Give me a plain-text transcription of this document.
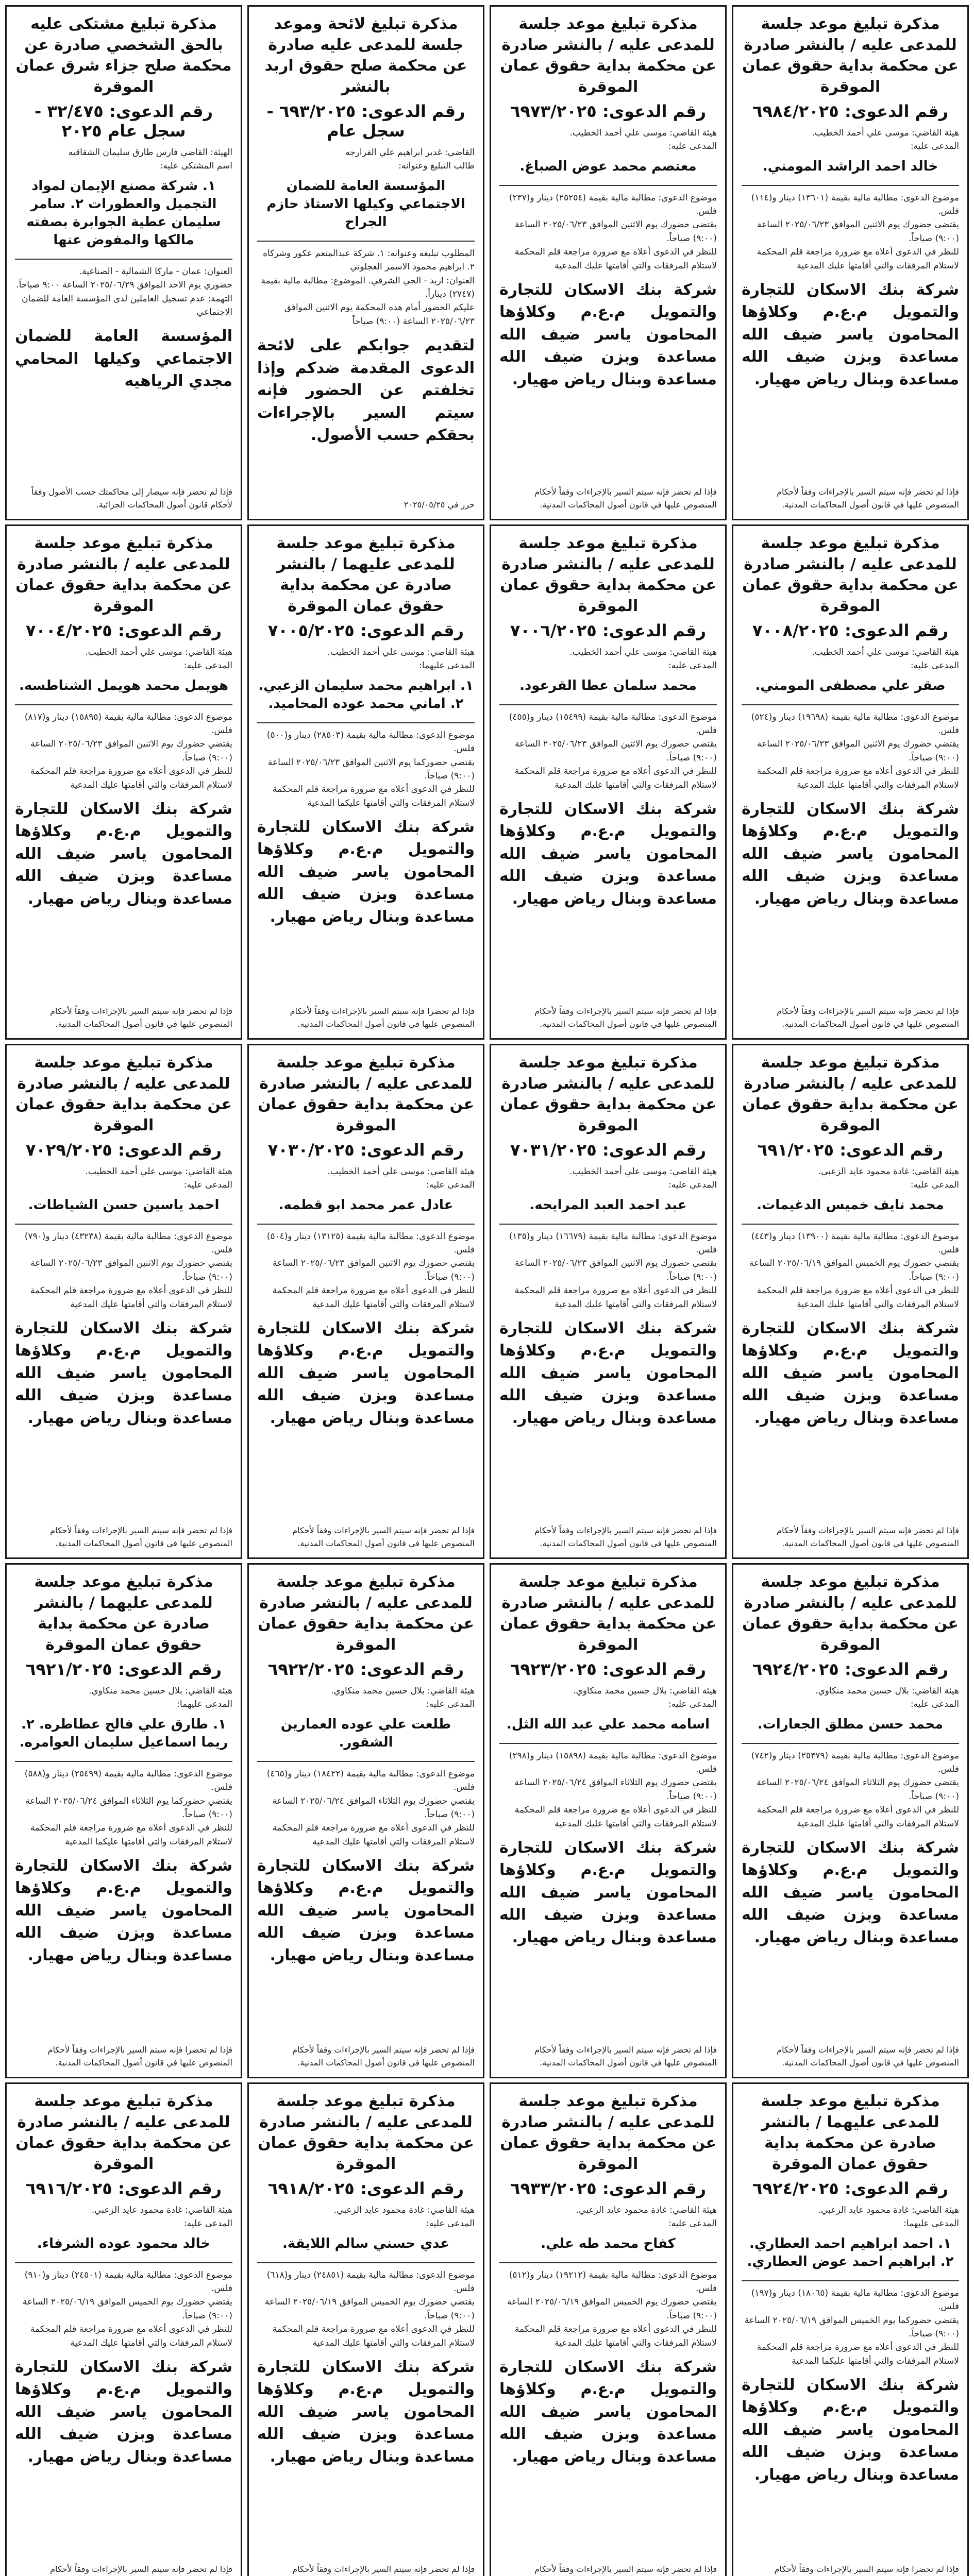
مذكرة تبليغ موعد جلسة للمدعى عليه / بالنشر صادرة عن محكمة بداية حقوق عمان الموقرة
رقم الدعوى: ٦٩٨٤/٢٠٢٥
هيئة القاضي: موسى علي أحمد الخطيب.
المدعى عليه:
خالد احمد الراشد المومني.
موضوع الدعوى: مطالبة مالية بقيمة (١٣٦٠١) دينار و(١١٤) فلس.
يقتضي حضورك يوم الاثنين الموافق ٢٠٢٥/٠٦/٢٣ الساعة (٩:٠٠) صباحاً.
للنظر في الدعوى أعلاه مع ضرورة مراجعة قلم المحكمة لاستلام المرفقات والتي أقامتها عليك المدعية
شركة بنك الاسكان للتجارة والتمويل م.ع.م وكلاؤها المحامون ياسر ضيف الله مساعدة وبزن ضيف الله مساعدة وبنال رياض مهيار.
فإذا لم تحضر فإنه سيتم السير بالإجراءات وفقاً لأحكام المنصوص عليها في قانون أصول المحاكمات المدنية.
مذكرة تبليغ موعد جلسة للمدعى عليه / بالنشر صادرة عن محكمة بداية حقوق عمان الموقرة
رقم الدعوى: ٦٩٧٣/٢٠٢٥
هيئة القاضي: موسى علي أحمد الخطيب.
المدعى عليه:
معتصم محمد عوض الصباغ.
موضوع الدعوى: مطالبة مالية بقيمة (٢٥٢٥٤) دينار و(٢٣٧) فلس.
يقتضي حضورك يوم الاثنين الموافق ٢٠٢٥/٠٦/٢٣ الساعة (٩:٠٠) صباحاً.
للنظر في الدعوى أعلاه مع ضرورة مراجعة قلم المحكمة لاستلام المرفقات والتي أقامتها عليك المدعية
شركة بنك الاسكان للتجارة والتمويل م.ع.م وكلاؤها المحامون ياسر ضيف الله مساعدة وبزن ضيف الله مساعدة وبنال رياض مهيار.
فإذا لم تحضر فإنه سيتم السير بالإجراءات وفقاً لأحكام المنصوص عليها في قانون أصول المحاكمات المدنية.
مذكرة تبليغ لائحة وموعد جلسة للمدعى عليه صادرة عن محكمة صلح حقوق اربد بالنشر
رقم الدعوى: ٦٩٣/٢٠٢٥ - سجل عام
القاضي: غدير ابراهيم علي الفرارجه
طالب التبليغ وعنوانه:
المؤسسة العامة للضمان الاجتماعي وكيلها الاستاذ حازم الجراح
المطلوب تبليغه وعنوانه: ١. شركة عبدالمنعم عكور وشركاه ٢. ابراهيم محمود الاسمر العجلوني
العنوان: اربد - الحي الشرقي. الموضوع: مطالبة مالية بقيمة (٢٧٤٧) ديناراً.
عليكم الحضور أمام هذه المحكمة يوم الاثنين الموافق ٢٠٢٥/٠٦/٢٣ الساعة (٩:٠٠) صباحاً
لتقديم جوابكم على لائحة الدعوى المقدمة ضدكم وإذا تخلفتم عن الحضور فإنه سيتم السير بالإجراءات بحقكم حسب الأصول.
حرر في ٢٠٢٥/٠٥/٢٥
مذكرة تبليغ مشتكى عليه بالحق الشخصي صادرة عن محكمة صلح جزاء شرق عمان الموقرة
رقم الدعوى: ٣٢/٤٧٥ - سجل عام ٢٠٢٥
الهيئة: القاضي فارس طارق سليمان الشقاقيه
اسم المشتكى عليه:
١. شركة مصنع الإيمان لمواد التجميل والعطورات ٢. سامر سليمان عطية الجوابرة بصفته مالكها والمفوض عنها
العنوان: عمان - ماركا الشمالية - الصناعية.
حضوري يوم الاحد الموافق ٢٠٢٥/٠٦/٢٩ الساعة ٩:٠٠ صباحاً.
التهمة: عدم تسجيل العاملين لدى المؤسسة العامة للضمان الاجتماعي
المؤسسة العامة للضمان الاجتماعي وكيلها المحامي مجدي الرياهيه
فإذا لم تحضر فإنه سيصار إلى محاكمتك حسب الأصول وفقاً لأحكام قانون أصول المحاكمات الجزائية.
مذكرة تبليغ موعد جلسة للمدعى عليه / بالنشر صادرة عن محكمة بداية حقوق عمان الموقرة
رقم الدعوى: ٧٠٠٨/٢٠٢٥
هيئة القاضي: موسى علي أحمد الخطيب.
المدعى عليه:
صقر علي مصطفى المومني.
موضوع الدعوى: مطالبة مالية بقيمة (١٩٦٩٨) دينار و(٥٢٤) فلس.
يقتضي حضورك يوم الاثنين الموافق ٢٠٢٥/٠٦/٢٣ الساعة (٩:٠٠) صباحاً.
للنظر في الدعوى أعلاه مع ضرورة مراجعة قلم المحكمة لاستلام المرفقات والتي أقامتها عليك المدعية
شركة بنك الاسكان للتجارة والتمويل م.ع.م وكلاؤها المحامون ياسر ضيف الله مساعدة وبزن ضيف الله مساعدة وبنال رياض مهيار.
فإذا لم تحضر فإنه سيتم السير بالإجراءات وفقاً لأحكام المنصوص عليها في قانون أصول المحاكمات المدنية.
مذكرة تبليغ موعد جلسة للمدعى عليه / بالنشر صادرة عن محكمة بداية حقوق عمان الموقرة
رقم الدعوى: ٧٠٠٦/٢٠٢٥
هيئة القاضي: موسى علي أحمد الخطيب.
المدعى عليه:
محمد سلمان عطا القرعود.
موضوع الدعوى: مطالبة مالية بقيمة (١٥٤٩٩) دينار و(٤٥٥) فلس.
يقتضي حضورك يوم الاثنين الموافق ٢٠٢٥/٠٦/٢٣ الساعة (٩:٠٠) صباحاً.
للنظر في الدعوى أعلاه مع ضرورة مراجعة قلم المحكمة لاستلام المرفقات والتي أقامتها عليك المدعية
شركة بنك الاسكان للتجارة والتمويل م.ع.م وكلاؤها المحامون ياسر ضيف الله مساعدة وبزن ضيف الله مساعدة وبنال رياض مهيار.
فإذا لم تحضر فإنه سيتم السير بالإجراءات وفقاً لأحكام المنصوص عليها في قانون أصول المحاكمات المدنية.
مذكرة تبليغ موعد جلسة للمدعى عليهما / بالنشر صادرة عن محكمة بداية حقوق عمان الموقرة
رقم الدعوى: ٧٠٠٥/٢٠٢٥
هيئة القاضي: موسى علي أحمد الخطيب.
المدعى عليهما:
١. ابراهيم محمد سليمان الزعبي. ٢. اماني محمد عوده المحاميد.
موضوع الدعوى: مطالبة مالية بقيمة (٢٨٥٠٣) دينار و(٥٠٠) فلس.
يقتضي حضوركما يوم الاثنين الموافق ٢٠٢٥/٠٦/٢٣ الساعة (٩:٠٠) صباحاً.
للنظر في الدعوى أعلاه مع ضرورة مراجعة قلم المحكمة لاستلام المرفقات والتي أقامتها عليكما المدعية
شركة بنك الاسكان للتجارة والتمويل م.ع.م وكلاؤها المحامون ياسر ضيف الله مساعدة وبزن ضيف الله مساعدة وبنال رياض مهيار.
فإذا لم تحضرا فإنه سيتم السير بالإجراءات وفقاً لأحكام المنصوص عليها في قانون أصول المحاكمات المدنية.
مذكرة تبليغ موعد جلسة للمدعى عليه / بالنشر صادرة عن محكمة بداية حقوق عمان الموقرة
رقم الدعوى: ٧٠٠٤/٢٠٢٥
هيئة القاضي: موسى علي أحمد الخطيب.
المدعى عليه:
هويمل محمد هويمل الشناطسه.
موضوع الدعوى: مطالبة مالية بقيمة (١٥٨٩٥) دينار و(٨١٧) فلس.
يقتضي حضورك يوم الاثنين الموافق ٢٠٢٥/٠٦/٢٣ الساعة (٩:٠٠) صباحاً.
للنظر في الدعوى أعلاه مع ضرورة مراجعة قلم المحكمة لاستلام المرفقات والتي أقامتها عليك المدعية
شركة بنك الاسكان للتجارة والتمويل م.ع.م وكلاؤها المحامون ياسر ضيف الله مساعدة وبزن ضيف الله مساعدة وبنال رياض مهيار.
فإذا لم تحضر فإنه سيتم السير بالإجراءات وفقاً لأحكام المنصوص عليها في قانون أصول المحاكمات المدنية.
مذكرة تبليغ موعد جلسة للمدعى عليه / بالنشر صادرة عن محكمة بداية حقوق عمان الموقرة
رقم الدعوى: ٦٩١/٢٠٢٥
هيئة القاضي: غادة محمود عايد الزعبي.
المدعى عليه:
محمد نايف خميس الدغيمات.
موضوع الدعوى: مطالبة مالية بقيمة (١٣٩٠٠) دينار و(٤٤٣) فلس.
يقتضي حضورك يوم الخميس الموافق ٢٠٢٥/٠٦/١٩ الساعة (٩:٠٠) صباحاً.
للنظر في الدعوى أعلاه مع ضرورة مراجعة قلم المحكمة لاستلام المرفقات والتي أقامتها عليك المدعية
شركة بنك الاسكان للتجارة والتمويل م.ع.م وكلاؤها المحامون ياسر ضيف الله مساعدة وبزن ضيف الله مساعدة وبنال رياض مهيار.
فإذا لم تحضر فإنه سيتم السير بالإجراءات وفقاً لأحكام المنصوص عليها في قانون أصول المحاكمات المدنية.
مذكرة تبليغ موعد جلسة للمدعى عليه / بالنشر صادرة عن محكمة بداية حقوق عمان الموقرة
رقم الدعوى: ٧٠٣١/٢٠٢٥
هيئة القاضي: موسى علي أحمد الخطيب.
المدعى عليه:
عبد احمد العبد المرايحه.
موضوع الدعوى: مطالبة مالية بقيمة (١٦٦٧٩) دينار و(١٣٥) فلس.
يقتضي حضورك يوم الاثنين الموافق ٢٠٢٥/٠٦/٢٣ الساعة (٩:٠٠) صباحاً.
للنظر في الدعوى أعلاه مع ضرورة مراجعة قلم المحكمة لاستلام المرفقات والتي أقامتها عليك المدعية
شركة بنك الاسكان للتجارة والتمويل م.ع.م وكلاؤها المحامون ياسر ضيف الله مساعدة وبزن ضيف الله مساعدة وبنال رياض مهيار.
فإذا لم تحضر فإنه سيتم السير بالإجراءات وفقاً لأحكام المنصوص عليها في قانون أصول المحاكمات المدنية.
مذكرة تبليغ موعد جلسة للمدعى عليه / بالنشر صادرة عن محكمة بداية حقوق عمان الموقرة
رقم الدعوى: ٧٠٣٠/٢٠٢٥
هيئة القاضي: موسى علي أحمد الخطيب.
المدعى عليه:
عادل عمر محمد ابو قطمه.
موضوع الدعوى: مطالبة مالية بقيمة (١٣١٢٥) دينار و(٥٠٤) فلس.
يقتضي حضورك يوم الاثنين الموافق ٢٠٢٥/٠٦/٢٣ الساعة (٩:٠٠) صباحاً.
للنظر في الدعوى أعلاه مع ضرورة مراجعة قلم المحكمة لاستلام المرفقات والتي أقامتها عليك المدعية
شركة بنك الاسكان للتجارة والتمويل م.ع.م وكلاؤها المحامون ياسر ضيف الله مساعدة وبزن ضيف الله مساعدة وبنال رياض مهيار.
فإذا لم تحضر فإنه سيتم السير بالإجراءات وفقاً لأحكام المنصوص عليها في قانون أصول المحاكمات المدنية.
مذكرة تبليغ موعد جلسة للمدعى عليه / بالنشر صادرة عن محكمة بداية حقوق عمان الموقرة
رقم الدعوى: ٧٠٢٩/٢٠٢٥
هيئة القاضي: موسى علي أحمد الخطيب.
المدعى عليه:
احمد ياسين حسن الشياطات.
موضوع الدعوى: مطالبة مالية بقيمة (٤٣٢٣٨) دينار و(٧٩٠) فلس.
يقتضي حضورك يوم الاثنين الموافق ٢٠٢٥/٠٦/٢٣ الساعة (٩:٠٠) صباحاً.
للنظر في الدعوى أعلاه مع ضرورة مراجعة قلم المحكمة لاستلام المرفقات والتي أقامتها عليك المدعية
شركة بنك الاسكان للتجارة والتمويل م.ع.م وكلاؤها المحامون ياسر ضيف الله مساعدة وبزن ضيف الله مساعدة وبنال رياض مهيار.
فإذا لم تحضر فإنه سيتم السير بالإجراءات وفقاً لأحكام المنصوص عليها في قانون أصول المحاكمات المدنية.
مذكرة تبليغ موعد جلسة للمدعى عليه / بالنشر صادرة عن محكمة بداية حقوق عمان الموقرة
رقم الدعوى: ٦٩٢٤/٢٠٢٥
هيئة القاضي: بلال حسين محمد منكاوي.
المدعى عليه:
محمد حسن مطلق الجعارات.
موضوع الدعوى: مطالبة مالية بقيمة (٢٥٣٧٩) دينار و(٧٤٢) فلس.
يقتضي حضورك يوم الثلاثاء الموافق ٢٠٢٥/٠٦/٢٤ الساعة (٩:٠٠) صباحاً.
للنظر في الدعوى أعلاه مع ضرورة مراجعة قلم المحكمة لاستلام المرفقات والتي أقامتها عليك المدعية
شركة بنك الاسكان للتجارة والتمويل م.ع.م وكلاؤها المحامون ياسر ضيف الله مساعدة وبزن ضيف الله مساعدة وبنال رياض مهيار.
فإذا لم تحضر فإنه سيتم السير بالإجراءات وفقاً لأحكام المنصوص عليها في قانون أصول المحاكمات المدنية.
مذكرة تبليغ موعد جلسة للمدعى عليه / بالنشر صادرة عن محكمة بداية حقوق عمان الموقرة
رقم الدعوى: ٦٩٢٣/٢٠٢٥
هيئة القاضي: بلال حسين محمد منكاوي.
المدعى عليه:
اسامه محمد علي عبد الله الثل.
موضوع الدعوى: مطالبة مالية بقيمة (١٥٨٩٨) دينار و(٢٩٨) فلس.
يقتضي حضورك يوم الثلاثاء الموافق ٢٠٢٥/٠٦/٢٤ الساعة (٩:٠٠) صباحاً.
للنظر في الدعوى أعلاه مع ضرورة مراجعة قلم المحكمة لاستلام المرفقات والتي أقامتها عليك المدعية
شركة بنك الاسكان للتجارة والتمويل م.ع.م وكلاؤها المحامون ياسر ضيف الله مساعدة وبزن ضيف الله مساعدة وبنال رياض مهيار.
فإذا لم تحضر فإنه سيتم السير بالإجراءات وفقاً لأحكام المنصوص عليها في قانون أصول المحاكمات المدنية.
مذكرة تبليغ موعد جلسة للمدعى عليه / بالنشر صادرة عن محكمة بداية حقوق عمان الموقرة
رقم الدعوى: ٦٩٢٢/٢٠٢٥
هيئة القاضي: بلال حسين محمد منكاوي.
المدعى عليه:
طلعت علي عوده العمارين الشقور.
موضوع الدعوى: مطالبة مالية بقيمة (١٨٤٢٢) دينار و(٤٦٥) فلس.
يقتضي حضورك يوم الثلاثاء الموافق ٢٠٢٥/٠٦/٢٤ الساعة (٩:٠٠) صباحاً.
للنظر في الدعوى أعلاه مع ضرورة مراجعة قلم المحكمة لاستلام المرفقات والتي أقامتها عليك المدعية
شركة بنك الاسكان للتجارة والتمويل م.ع.م وكلاؤها المحامون ياسر ضيف الله مساعدة وبزن ضيف الله مساعدة وبنال رياض مهيار.
فإذا لم تحضر فإنه سيتم السير بالإجراءات وفقاً لأحكام المنصوص عليها في قانون أصول المحاكمات المدنية.
مذكرة تبليغ موعد جلسة للمدعى عليهما / بالنشر صادرة عن محكمة بداية حقوق عمان الموقرة
رقم الدعوى: ٦٩٢١/٢٠٢٥
هيئة القاضي: بلال حسين محمد منكاوي.
المدعى عليهما:
١. طارق علي فالح عطاطره. ٢. ريما اسماعيل سليمان العوامره.
موضوع الدعوى: مطالبة مالية بقيمة (٢٥٤٩٩) دينار و(٥٨٨) فلس.
يقتضي حضوركما يوم الثلاثاء الموافق ٢٠٢٥/٠٦/٢٤ الساعة (٩:٠٠) صباحاً.
للنظر في الدعوى أعلاه مع ضرورة مراجعة قلم المحكمة لاستلام المرفقات والتي أقامتها عليكما المدعية
شركة بنك الاسكان للتجارة والتمويل م.ع.م وكلاؤها المحامون ياسر ضيف الله مساعدة وبزن ضيف الله مساعدة وبنال رياض مهيار.
فإذا لم تحضرا فإنه سيتم السير بالإجراءات وفقاً لأحكام المنصوص عليها في قانون أصول المحاكمات المدنية.
مذكرة تبليغ موعد جلسة للمدعى عليهما / بالنشر صادرة عن محكمة بداية حقوق عمان الموقرة
رقم الدعوى: ٦٩٢٤/٢٠٢٥
هيئة القاضي: غادة محمود عايد الزعبي.
المدعى عليهما:
١. احمد ابراهيم احمد العطاري. ٢. ابراهيم احمد عوض العطاري.
موضوع الدعوى: مطالبة مالية بقيمة (١٨٠٦٥) دينار و(١٩٧) فلس.
يقتضي حضوركما يوم الخميس الموافق ٢٠٢٥/٠٦/١٩ الساعة (٩:٠٠) صباحاً.
للنظر في الدعوى أعلاه مع ضرورة مراجعة قلم المحكمة لاستلام المرفقات والتي أقامتها عليكما المدعية
شركة بنك الاسكان للتجارة والتمويل م.ع.م وكلاؤها المحامون ياسر ضيف الله مساعدة وبزن ضيف الله مساعدة وبنال رياض مهيار.
فإذا لم تحضرا فإنه سيتم السير بالإجراءات وفقاً لأحكام
مذكرة تبليغ موعد جلسة للمدعى عليه / بالنشر صادرة عن محكمة بداية حقوق عمان الموقرة
رقم الدعوى: ٦٩٣٣/٢٠٢٥
هيئة القاضي: غادة محمود عايد الزعبي.
المدعى عليه:
كفاح محمد طه علي.
موضوع الدعوى: مطالبة مالية بقيمة (١٩٢١٢) دينار و(٥١٢) فلس.
يقتضي حضورك يوم الخميس الموافق ٢٠٢٥/٠٦/١٩ الساعة (٩:٠٠) صباحاً.
للنظر في الدعوى أعلاه مع ضرورة مراجعة قلم المحكمة لاستلام المرفقات والتي أقامتها عليك المدعية
شركة بنك الاسكان للتجارة والتمويل م.ع.م وكلاؤها المحامون ياسر ضيف الله مساعدة وبزن ضيف الله مساعدة وبنال رياض مهيار.
فإذا لم تحضر فإنه سيتم السير بالإجراءات وفقاً لأحكام
مذكرة تبليغ موعد جلسة للمدعى عليه / بالنشر صادرة عن محكمة بداية حقوق عمان الموقرة
رقم الدعوى: ٦٩١٨/٢٠٢٥
هيئة القاضي: غادة محمود عايد الزعبي.
المدعى عليه:
عدي حسني سالم اللايقة.
موضوع الدعوى: مطالبة مالية بقيمة (٢٤٨٥١) دينار و(٦١٨) فلس.
يقتضي حضورك يوم الخميس الموافق ٢٠٢٥/٠٦/١٩ الساعة (٩:٠٠) صباحاً.
للنظر في الدعوى أعلاه مع ضرورة مراجعة قلم المحكمة لاستلام المرفقات والتي أقامتها عليك المدعية
شركة بنك الاسكان للتجارة والتمويل م.ع.م وكلاؤها المحامون ياسر ضيف الله مساعدة وبزن ضيف الله مساعدة وبنال رياض مهيار.
فإذا لم تحضر فإنه سيتم السير بالإجراءات وفقاً لأحكام
مذكرة تبليغ موعد جلسة للمدعى عليه / بالنشر صادرة عن محكمة بداية حقوق عمان الموقرة
رقم الدعوى: ٦٩١٦/٢٠٢٥
هيئة القاضي: غادة محمود عايد الزعبي.
المدعى عليه:
خالد محمود عوده الشرفاء.
موضوع الدعوى: مطالبة مالية بقيمة (٢٤٥٠١) دينار و(٩١٠) فلس.
يقتضي حضورك يوم الخميس الموافق ٢٠٢٥/٠٦/١٩ الساعة (٩:٠٠) صباحاً.
للنظر في الدعوى أعلاه مع ضرورة مراجعة قلم المحكمة لاستلام المرفقات والتي أقامتها عليك المدعية
شركة بنك الاسكان للتجارة والتمويل م.ع.م وكلاؤها المحامون ياسر ضيف الله مساعدة وبزن ضيف الله مساعدة وبنال رياض مهيار.
فإذا لم تحضر فإنه سيتم السير بالإجراءات وفقاً لأحكام
